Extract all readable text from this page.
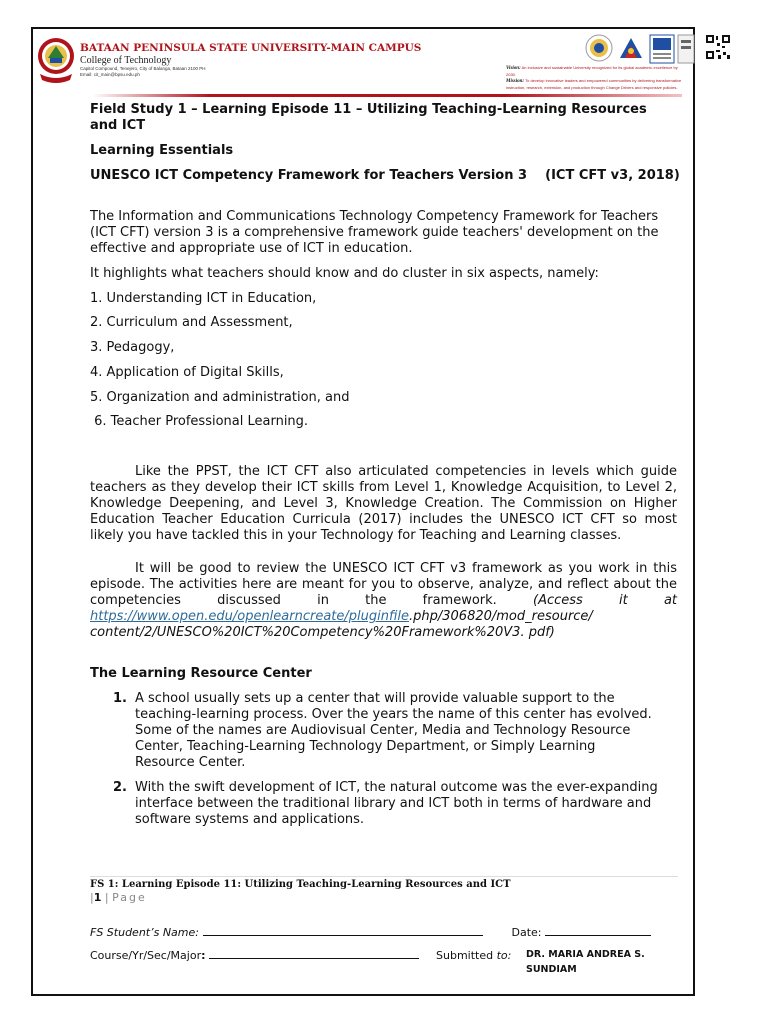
BATAAN PENINSULA STATE UNIVERSITY-MAIN CAMPUS
College of Technology
Capitol Compound, Tenejero, City of Balanga, Bataan 2100 PH
Email: cit_main@bpsu.edu.ph
Vision: An inclusive and sustainable University recognized for its global academic excellence by 2030.
Mission: To develop innovative leaders and empowered communities by delivering transformative instruction, research, extension, and production through Change Drivers and responsive policies.
Field Study 1 – Learning Episode 11 – Utilizing Teaching-Learning Resources and ICT
Learning Essentials
UNESCO ICT Competency Framework for Teachers Version 3    (ICT CFT v3, 2018)
The Information and Communications Technology Competency Framework for Teachers (ICT CFT) version 3 is a comprehensive framework guide teachers' development on the effective and appropriate use of ICT in education.
It highlights what teachers should know and do cluster in six aspects, namely:
1. Understanding ICT in Education,
2. Curriculum and Assessment,
3. Pedagogy,
4. Application of Digital Skills,
5. Organization and administration, and
6. Teacher Professional Learning.
Like the PPST, the ICT CFT also articulated competencies in levels which guide teachers as they develop their ICT skills from Level 1, Knowledge Acquisition, to Level 2, Knowledge Deepening, and Level 3, Knowledge Creation. The Commission on Higher Education Teacher Education Curricula (2017) includes the UNESCO ICT CFT so most likely you have tackled this in your Technology for Teaching and Learning classes.
It will be good to review the UNESCO ICT CFT v3 framework as you work in this episode. The activities here are meant for you to observe, analyze, and reflect about the competencies discussed in the framework.	(Access it at https://www.open.edu/openlearncreate/pluginfile.php/306820/mod_resource/ content/2/UNESCO%20ICT%20Competency%20Framework%20V3. pdf)
The Learning Resource Center
1. A school usually sets up a center that will provide valuable support to the teaching-learning process. Over the years the name of this center has evolved. Some of the names are Audiovisual Center, Media and Technology Resource Center, Teaching-Learning Technology Department, or Simply Learning Resource Center.
2. With the swift development of ICT, the natural outcome was the ever-expanding interface between the traditional library and ICT both in terms of hardware and software systems and applications.
FS 1: Learning Episode 11: Utilizing Teaching-Learning Resources and ICT
|1 | Page
FS Student’s Name:	Date:
Course/Yr/Sec/Major:	Submitted to: DR. MARIA ANDREA S. SUNDIAM
